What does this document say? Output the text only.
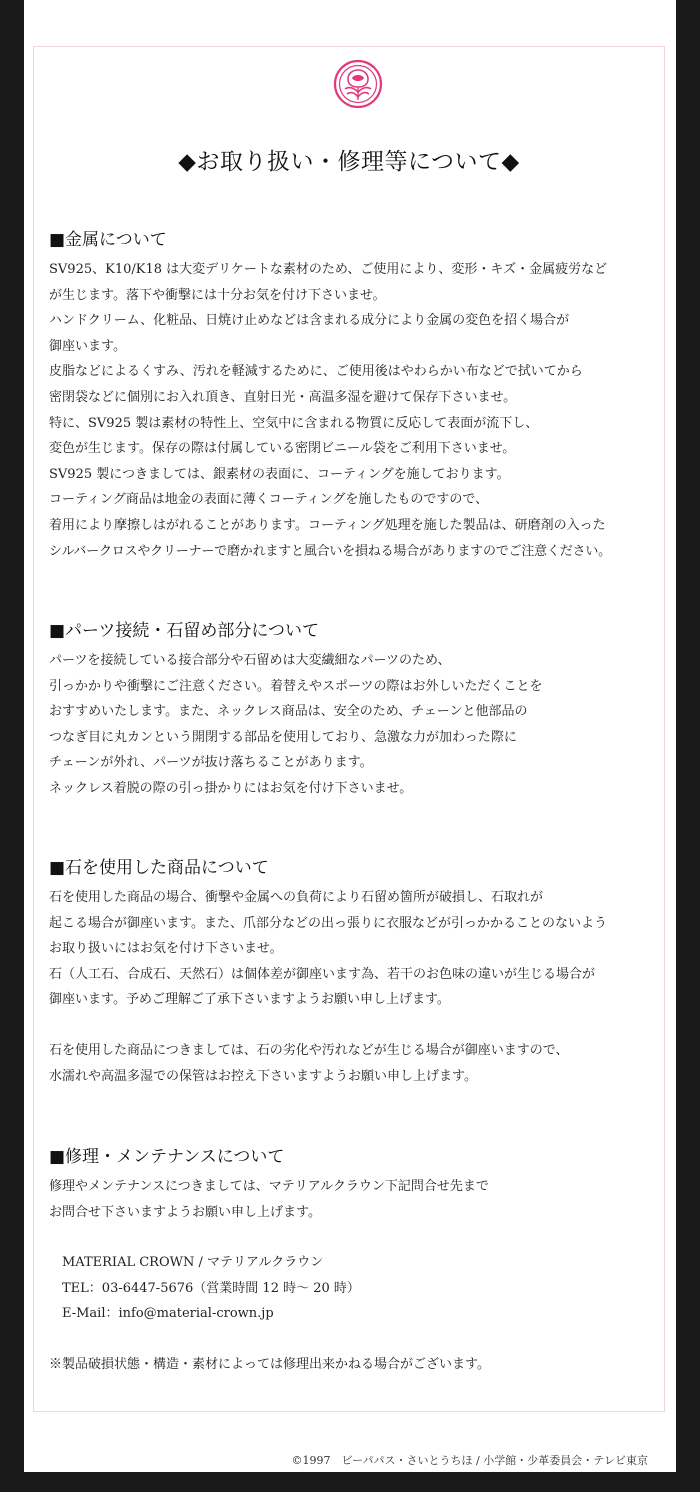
◆お取り扱い・修理等について◆
■金属について
SV925、K10/K18 は大変デリケートな素材のため、ご使用により、変形・キズ・金属疲労など
が生じます。落下や衝撃には十分お気を付け下さいませ。
ハンドクリーム、化粧品、日焼け止めなどは含まれる成分により金属の変色を招く場合が
御座います。
皮脂などによるくすみ、汚れを軽減するために、ご使用後はやわらかい布などで拭いてから
密閉袋などに個別にお入れ頂き、直射日光・高温多湿を避けて保存下さいませ。
特に、SV925 製は素材の特性上、空気中に含まれる物質に反応して表面が流下し、
変色が生じます。保存の際は付属している密閉ビニール袋をご利用下さいませ。
SV925 製につきましては、銀素材の表面に、コーティングを施しております。
コーティング商品は地金の表面に薄くコーティングを施したものですので、
着用により摩擦しはがれることがあります。コーティング処理を施した製品は、研磨剤の入った
シルバークロスやクリーナーで磨かれますと風合いを損ねる場合がありますのでご注意ください。
■パーツ接続・石留め部分について
パーツを接続している接合部分や石留めは大変繊細なパーツのため、
引っかかりや衝撃にご注意ください。着替えやスポーツの際はお外しいただくことを
おすすめいたします。また、ネックレス商品は、安全のため、チェーンと他部品の
つなぎ目に丸カンという開閉する部品を使用しており、急激な力が加わった際に
チェーンが外れ、パーツが抜け落ちることがあります。
ネックレス着脱の際の引っ掛かりにはお気を付け下さいませ。
■石を使用した商品について
石を使用した商品の場合、衝撃や金属への負荷により石留め箇所が破損し、石取れが
起こる場合が御座います。また、爪部分などの出っ張りに衣服などが引っかかることのないよう
お取り扱いにはお気を付け下さいませ。
石（人工石、合成石、天然石）は個体差が御座います為、若干のお色味の違いが生じる場合が
御座います。予めご理解ご了承下さいますようお願い申し上げます。
石を使用した商品につきましては、石の劣化や汚れなどが生じる場合が御座いますので、
水濡れや高温多湿での保管はお控え下さいますようお願い申し上げます。
■修理・メンテナンスについて
修理やメンテナンスにつきましては、マテリアルクラウン下記問合せ先まで
お問合せ下さいますようお願い申し上げます。
MATERIAL CROWN / マテリアルクラウン
TEL：03-6447-5676（営業時間 12 時〜 20 時）
E-Mail：info@material-crown.jp
※製品破損状態・構造・素材によっては修理出来かねる場合がございます。
©1997　ビーパパス・さいとうちほ / 小学館・少革委員会・テレビ東京
